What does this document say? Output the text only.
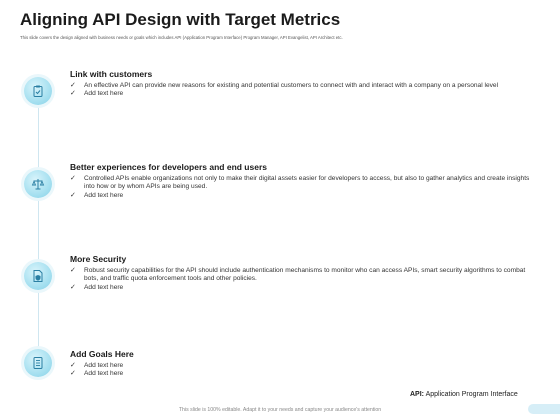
Aligning API Design with Target Metrics
This slide covers the design aligned with business needs or goals which includes API (Application Program Interface) Program Manager, API Evangelist, API Architect etc.
Link with customers
✓ An effective API can provide new reasons for existing and potential customers to connect with and interact with a company on a personal level
✓ Add text here
Better experiences for developers and end users
✓ Controlled APIs enable organizations not only to make their digital assets easier for developers to access, but also to gather analytics and create insights into how or by whom APIs are being used.
✓ Add text here
More Security
✓ Robust security capabilities for the API should include authentication mechanisms to monitor who can access APIs, smart security algorithms to combat bots, and traffic quota enforcement tools and other policies.
✓ Add text here
Add Goals Here
✓ Add text here
✓ Add text here
API: Application Program Interface
This slide is 100% editable. Adapt it to your needs and capture your audience's attention
